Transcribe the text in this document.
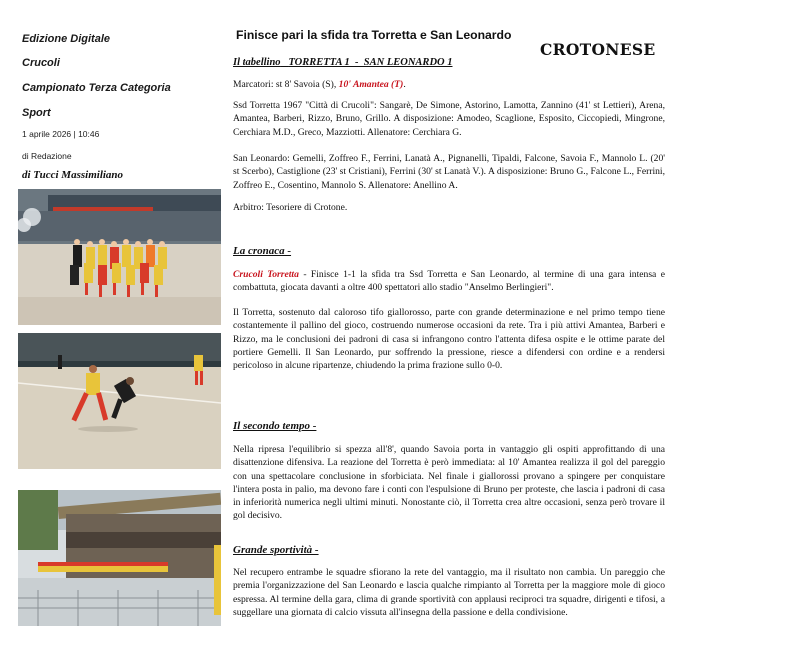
Edizione Digitale

Crucoli

Campionato Terza Categoria

Sport

1 aprile 2026 | 10:46

di Redazione

di Tucci Massimiliano

Finisce pari la sfida tra Torretta e San Leonardo
CROTONESE

Il tabellino TORRETTA 1  -  SAN LEONARDO 1

Marcatori: st 8' Savoia (S), 10' Amantea (T).

Ssd Torretta 1967 "Città di Crucoli": Sangarè, De Simone, Astorino, Lamotta, Zannino (41' st Lettieri), Arena, Amantea, Barberi, Rizzo, Bruno, Grillo. A disposizione: Amodeo, Scaglione, Esposito, Ciccopiedi, Mingrone, Cerchiara M.D., Greco, Mazziotti. Allenatore: Cerchiara G.

San Leonardo: Gemelli, Zoffreo F., Ferrini, Lanatà A., Pignanelli, Tipaldi, Falcone, Savoia F., Mannolo L. (20' st Scerbo), Castiglione (23' st Cristiani), Ferrini (30' st Lanatà V.). A disposizione: Bruno G., Falcone L., Ferrini, Zoffreo E., Cosentino, Mannolo S. Allenatore: Anellino A.

Arbitro: Tesoriere di Crotone.

La cronaca -

Crucoli Torretta - Finisce 1-1 la sfida tra Ssd Torretta e San Leonardo, al termine di una gara intensa e combattuta, giocata davanti a oltre 400 spettatori allo stadio "Anselmo Berlingieri".

Il Torretta, sostenuto dal caloroso tifo giallorosso, parte con grande determinazione e nel primo tempo tiene costantemente il pallino del gioco, costruendo numerose occasioni da rete. Tra i più attivi Amantea, Barberi e Rizzo, ma le conclusioni dei padroni di casa si infrangono contro l'attenta difesa ospite e le ottime parate del portiere Gemelli. Il San Leonardo, pur soffrendo la pressione, riesce a difendersi con ordine e a rendersi pericoloso in alcune ripartenze, chiudendo la prima frazione sullo 0-0.

Il secondo tempo -

Nella ripresa l'equilibrio si spezza all'8', quando Savoia porta in vantaggio gli ospiti approfittando di una disattenzione difensiva. La reazione del Torretta è però immediata: al 10' Amantea realizza il gol del pareggio con una spettacolare conclusione in sforbiciata. Nel finale i giallorossi provano a spingere per conquistare l'intera posta in palio, ma devono fare i conti con l'espulsione di Bruno per proteste, che lascia i padroni di casa in inferiorità numerica negli ultimi minuti. Nonostante ciò, il Torretta crea altre occasioni, senza però trovare il gol decisivo.

Grande sportività -

Nel recupero entrambe le squadre sfiorano la rete del vantaggio, ma il risultato non cambia. Un pareggio che premia l'organizzazione del San Leonardo e lascia qualche rimpianto al Torretta per la maggiore mole di gioco espressa. Al termine della gara, clima di grande sportività con applausi reciproci tra squadre, dirigenti e tifosi, a suggellare una giornata di calcio vissuta all'insegna della passione e della condivisione.
